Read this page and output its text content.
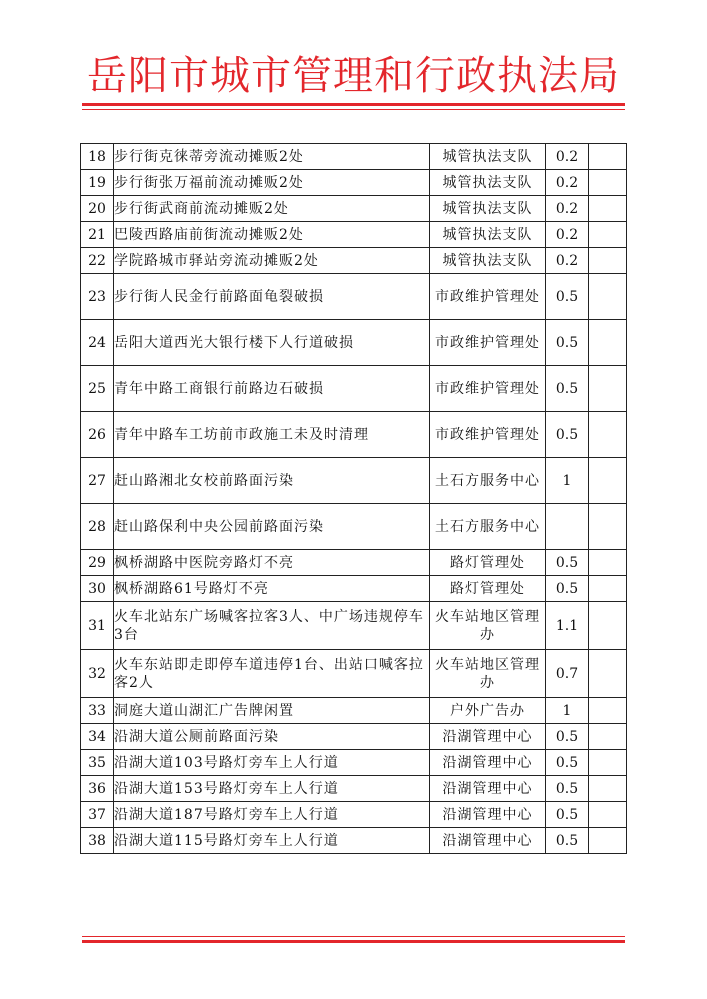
岳阳市城市管理和行政执法局
18	步行街克徕蒂旁流动摊贩2处	城管执法支队	0.2	
19	步行街张万福前流动摊贩2处	城管执法支队	0.2	
20	步行街武商前流动摊贩2处	城管执法支队	0.2	
21	巴陵西路庙前街流动摊贩2处	城管执法支队	0.2	
22	学院路城市驿站旁流动摊贩2处	城管执法支队	0.2	
23	步行街人民金行前路面龟裂破损	市政维护管理处	0.5	
24	岳阳大道西光大银行楼下人行道破损	市政维护管理处	0.5	
25	青年中路工商银行前路边石破损	市政维护管理处	0.5	
26	青年中路车工坊前市政施工未及时清理	市政维护管理处	0.5	
27	赶山路湘北女校前路面污染	土石方服务中心	1	
28	赶山路保利中央公园前路面污染	土石方服务中心		
29	枫桥湖路中医院旁路灯不亮	路灯管理处	0.5	
30	枫桥湖路61号路灯不亮	路灯管理处	0.5	
31	火车北站东广场喊客拉客3人、中广场违规停车3台	火车站地区管理办	1.1	
32	火车东站即走即停车道违停1台、出站口喊客拉客2人	火车站地区管理办	0.7	
33	洞庭大道山湖汇广告牌闲置	户外广告办	1	
34	沿湖大道公厕前路面污染	沿湖管理中心	0.5	
35	沿湖大道103号路灯旁车上人行道	沿湖管理中心	0.5	
36	沿湖大道153号路灯旁车上人行道	沿湖管理中心	0.5	
37	沿湖大道187号路灯旁车上人行道	沿湖管理中心	0.5	
38	沿湖大道115号路灯旁车上人行道	沿湖管理中心	0.5	
